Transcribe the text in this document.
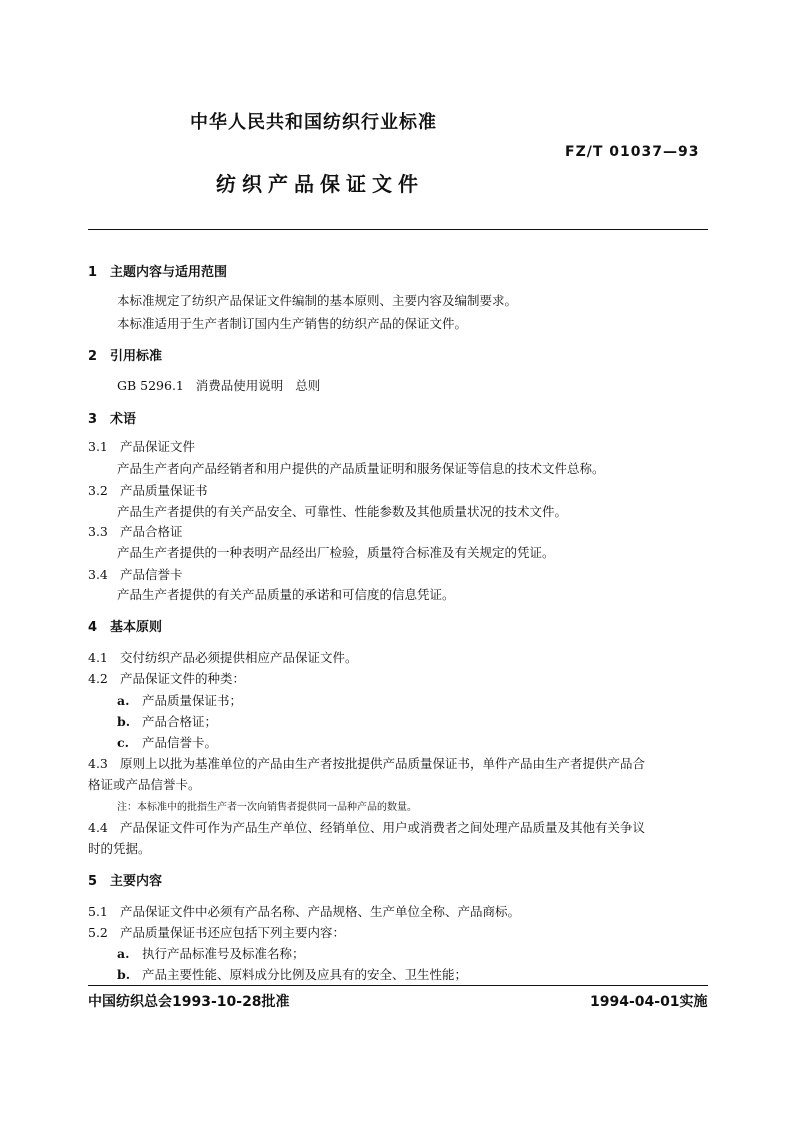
中华人民共和国纺织行业标准
FZ/T 01037—93
纺织产品保证文件
1 主题内容与适用范围
本标准规定了纺织产品保证文件编制的基本原则、主要内容及编制要求。
本标准适用于生产者制订国内生产销售的纺织产品的保证文件。
2 引用标准
GB 5296.1   消费品使用说明   总则
3 术语
3.1 产品保证文件
产品生产者向产品经销者和用户提供的产品质量证明和服务保证等信息的技术文件总称。
3.2 产品质量保证书
产品生产者提供的有关产品安全、可靠性、性能参数及其他质量状况的技术文件。
3.3 产品合格证
产品生产者提供的一种表明产品经出厂检验，质量符合标准及有关规定的凭证。
3.4 产品信誉卡
产品生产者提供的有关产品质量的承诺和可信度的信息凭证。
4 基本原则
4.1 交付纺织产品必须提供相应产品保证文件。
4.2 产品保证文件的种类：
a. 产品质量保证书；
b. 产品合格证；
c. 产品信誉卡。
4.3 原则上以批为基准单位的产品由生产者按批提供产品质量保证书，单件产品由生产者提供产品合
格证或产品信誉卡。
注：本标准中的批指生产者一次向销售者提供同一品种产品的数量。
4.4 产品保证文件可作为产品生产单位、经销单位、用户或消费者之间处理产品质量及其他有关争议
时的凭据。
5 主要内容
5.1 产品保证文件中必须有产品名称、产品规格、生产单位全称、产品商标。
5.2 产品质量保证书还应包括下列主要内容：
a. 执行产品标准号及标准名称；
b. 产品主要性能、原料成分比例及应具有的安全、卫生性能；
中国纺织总会1993-10-28批准	1994-04-01实施
